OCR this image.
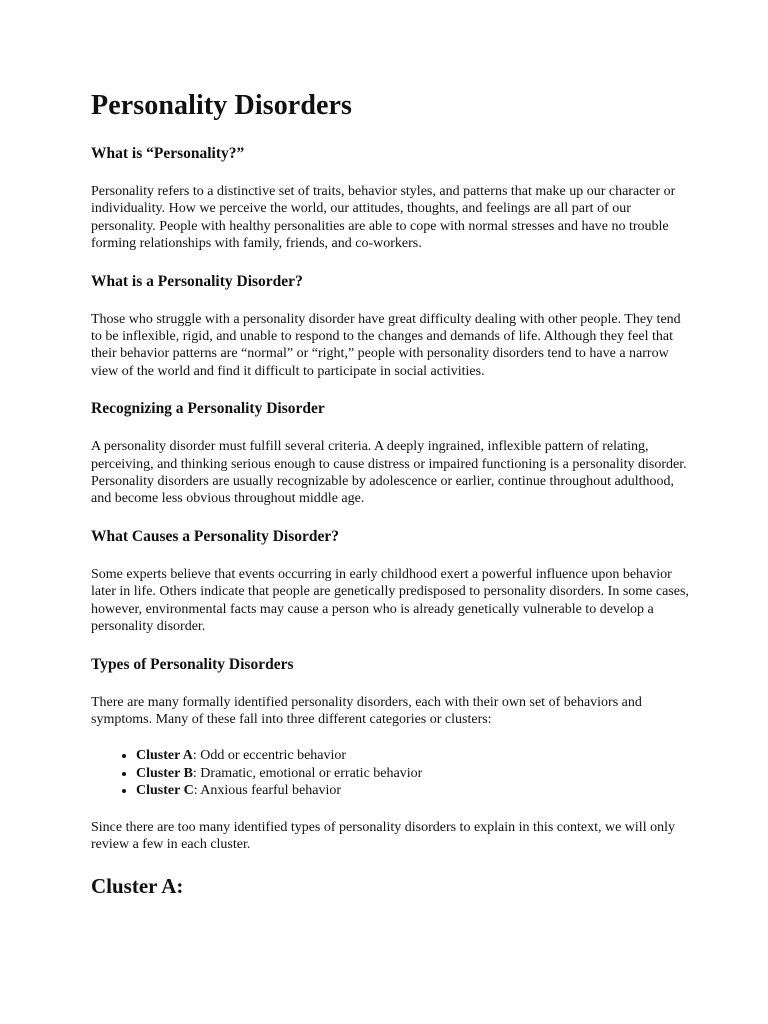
Personality Disorders
What is “Personality?”

Personality refers to a distinctive set of traits, behavior styles, and patterns that make up our character or individuality. How we perceive the world, our attitudes, thoughts, and feelings are all part of our personality. People with healthy personalities are able to cope with normal stresses and have no trouble forming relationships with family, friends, and co-workers.

What is a Personality Disorder?

Those who struggle with a personality disorder have great difficulty dealing with other people. They tend to be inflexible, rigid, and unable to respond to the changes and demands of life. Although they feel that their behavior patterns are “normal” or “right,” people with personality disorders tend to have a narrow view of the world and find it difficult to participate in social activities.

Recognizing a Personality Disorder

A personality disorder must fulfill several criteria. A deeply ingrained, inflexible pattern of relating, perceiving, and thinking serious enough to cause distress or impaired functioning is a personality disorder. Personality disorders are usually recognizable by adolescence or earlier, continue throughout adulthood, and become less obvious throughout middle age.

What Causes a Personality Disorder?

Some experts believe that events occurring in early childhood exert a powerful influence upon behavior later in life. Others indicate that people are genetically predisposed to personality disorders. In some cases, however, environmental facts may cause a person who is already genetically vulnerable to develop a personality disorder.

Types of Personality Disorders

There are many formally identified personality disorders, each with their own set of behaviors and symptoms. Many of these fall into three different categories or clusters:

• Cluster A: Odd or eccentric behavior
• Cluster B: Dramatic, emotional or erratic behavior
• Cluster C: Anxious fearful behavior

Since there are too many identified types of personality disorders to explain in this context, we will only review a few in each cluster.

Cluster A:
